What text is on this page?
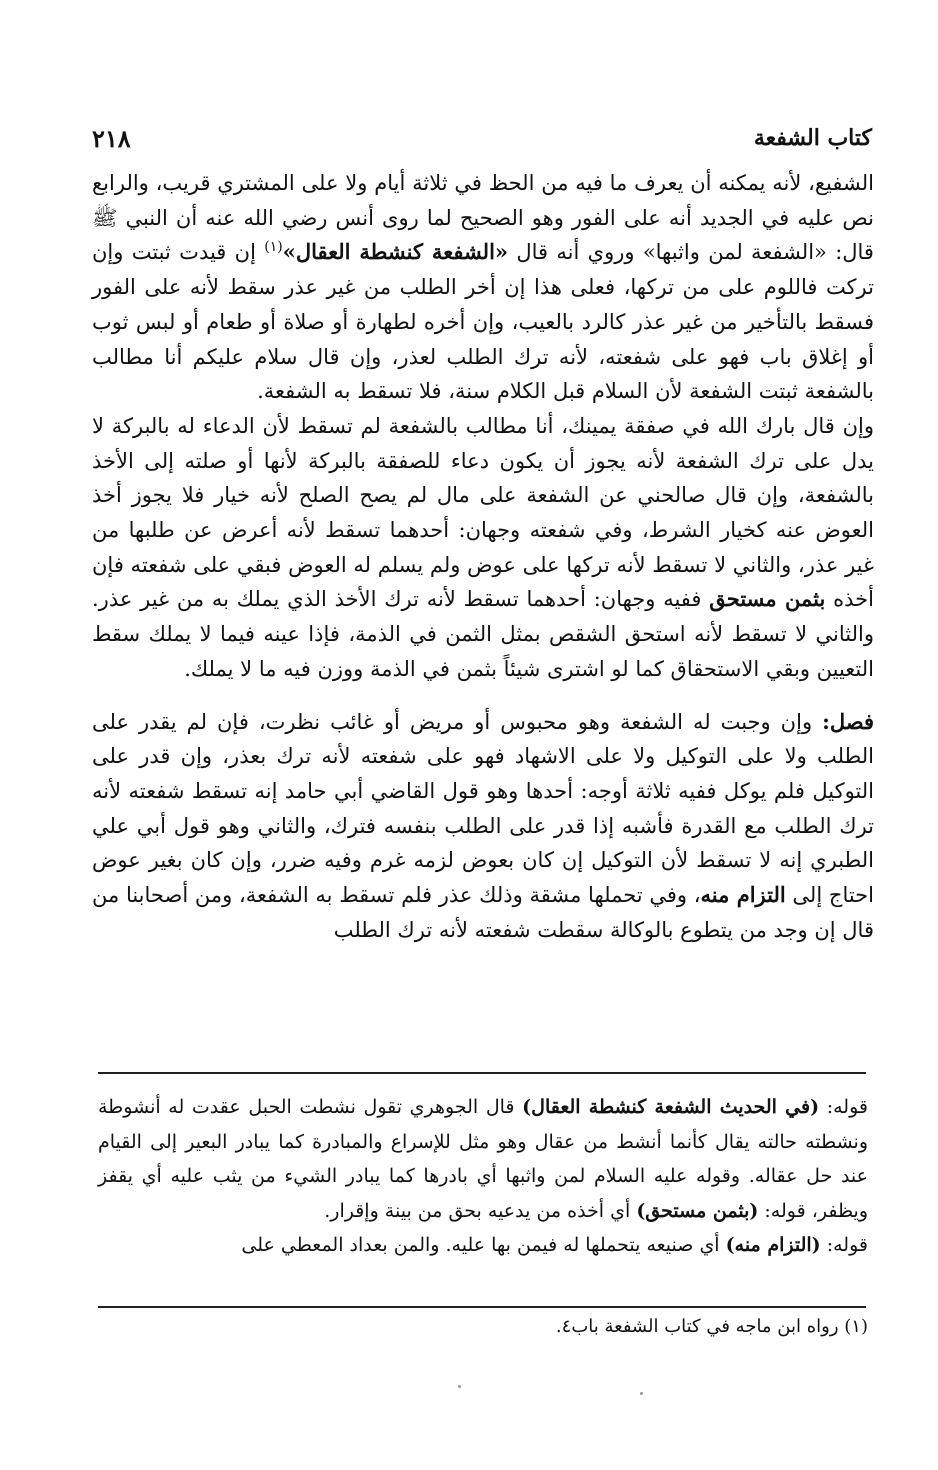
كتاب الشفعة
٢١٨

الشفيع، لأنه يمكنه أن يعرف ما فيه من الحظ في ثلاثة أيام ولا على المشتري قريب، والرابع نص عليه في الجديد أنه على الفور وهو الصحيح لما روى أنس رضي الله عنه أن النبي ﷺ قال: «الشفعة لمن واثبها» وروي أنه قال «الشفعة كنشطة العقال»$^{(١)}$ إن قيدت ثبتت وإن تركت فاللوم على من تركها، فعلى هذا إن أخر الطلب من غير عذر سقط لأنه على الفور فسقط بالتأخير من غير عذر كالرد بالعيب، وإن أخره لطهارة أو صلاة أو طعام أو لبس ثوب أو إغلاق باب فهو على شفعته، لأنه ترك الطلب لعذر، وإن قال سلام عليكم أنا مطالب بالشفعة ثبتت الشفعة لأن السلام قبل الكلام سنة، فلا تسقط به الشفعة.

وإن قال بارك الله في صفقة يمينك، أنا مطالب بالشفعة لم تسقط لأن الدعاء له بالبركة لا يدل على ترك الشفعة لأنه يجوز أن يكون دعاء للصفقة بالبركة لأنها أو صلته إلى الأخذ بالشفعة، وإن قال صالحني عن الشفعة على مال لم يصح الصلح لأنه خيار فلا يجوز أخذ العوض عنه كخيار الشرط، وفي شفعته وجهان: أحدهما تسقط لأنه أعرض عن طلبها من غير عذر، والثاني لا تسقط لأنه تركها على عوض ولم يسلم له العوض فبقي على شفعته فإن أخذه بثمن مستحق ففيه وجهان: أحدهما تسقط لأنه ترك الأخذ الذي يملك به من غير عذر. والثاني لا تسقط لأنه استحق الشقص بمثل الثمن في الذمة، فإذا عينه فيما لا يملك سقط التعيين وبقي الاستحقاق كما لو اشترى شيئاً بثمن في الذمة ووزن فيه ما لا يملك.

فصل: وإن وجبت له الشفعة وهو محبوس أو مريض أو غائب نظرت، فإن لم يقدر على الطلب ولا على التوكيل ولا على الاشهاد فهو على شفعته لأنه ترك بعذر، وإن قدر على التوكيل فلم يوكل ففيه ثلاثة أوجه: أحدها وهو قول القاضي أبي حامد إنه تسقط شفعته لأنه ترك الطلب مع القدرة فأشبه إذا قدر على الطلب بنفسه فترك، والثاني وهو قول أبي علي الطبري إنه لا تسقط لأن التوكيل إن كان بعوض لزمه غرم وفيه ضرر، وإن كان بغير عوض احتاج إلى التزام منه، وفي تحملها مشقة وذلك عذر فلم تسقط به الشفعة، ومن أصحابنا من قال إن وجد من يتطوع بالوكالة سقطت شفعته لأنه ترك الطلب

قوله: (في الحديث الشفعة كنشطة العقال) قال الجوهري تقول نشطت الحبل عقدت له أنشوطة ونشطته حالته يقال كأنما أنشط من عقال وهو مثل للإسراع والمبادرة كما يبادر البعير إلى القيام عند حل عقاله. وقوله عليه السلام لمن واثبها أي بادرها كما يبادر الشيء من يثب عليه أي يقفز ويظفر، قوله: (بثمن مستحق) أي أخذه من يدعيه بحق من بينة وإقرار.

قوله: (التزام منه) أي صنيعه يتحملها له فيمن بها عليه. والمن بعداد المعطي على

(١) رواه ابن ماجه في كتاب الشفعة باب٤.
